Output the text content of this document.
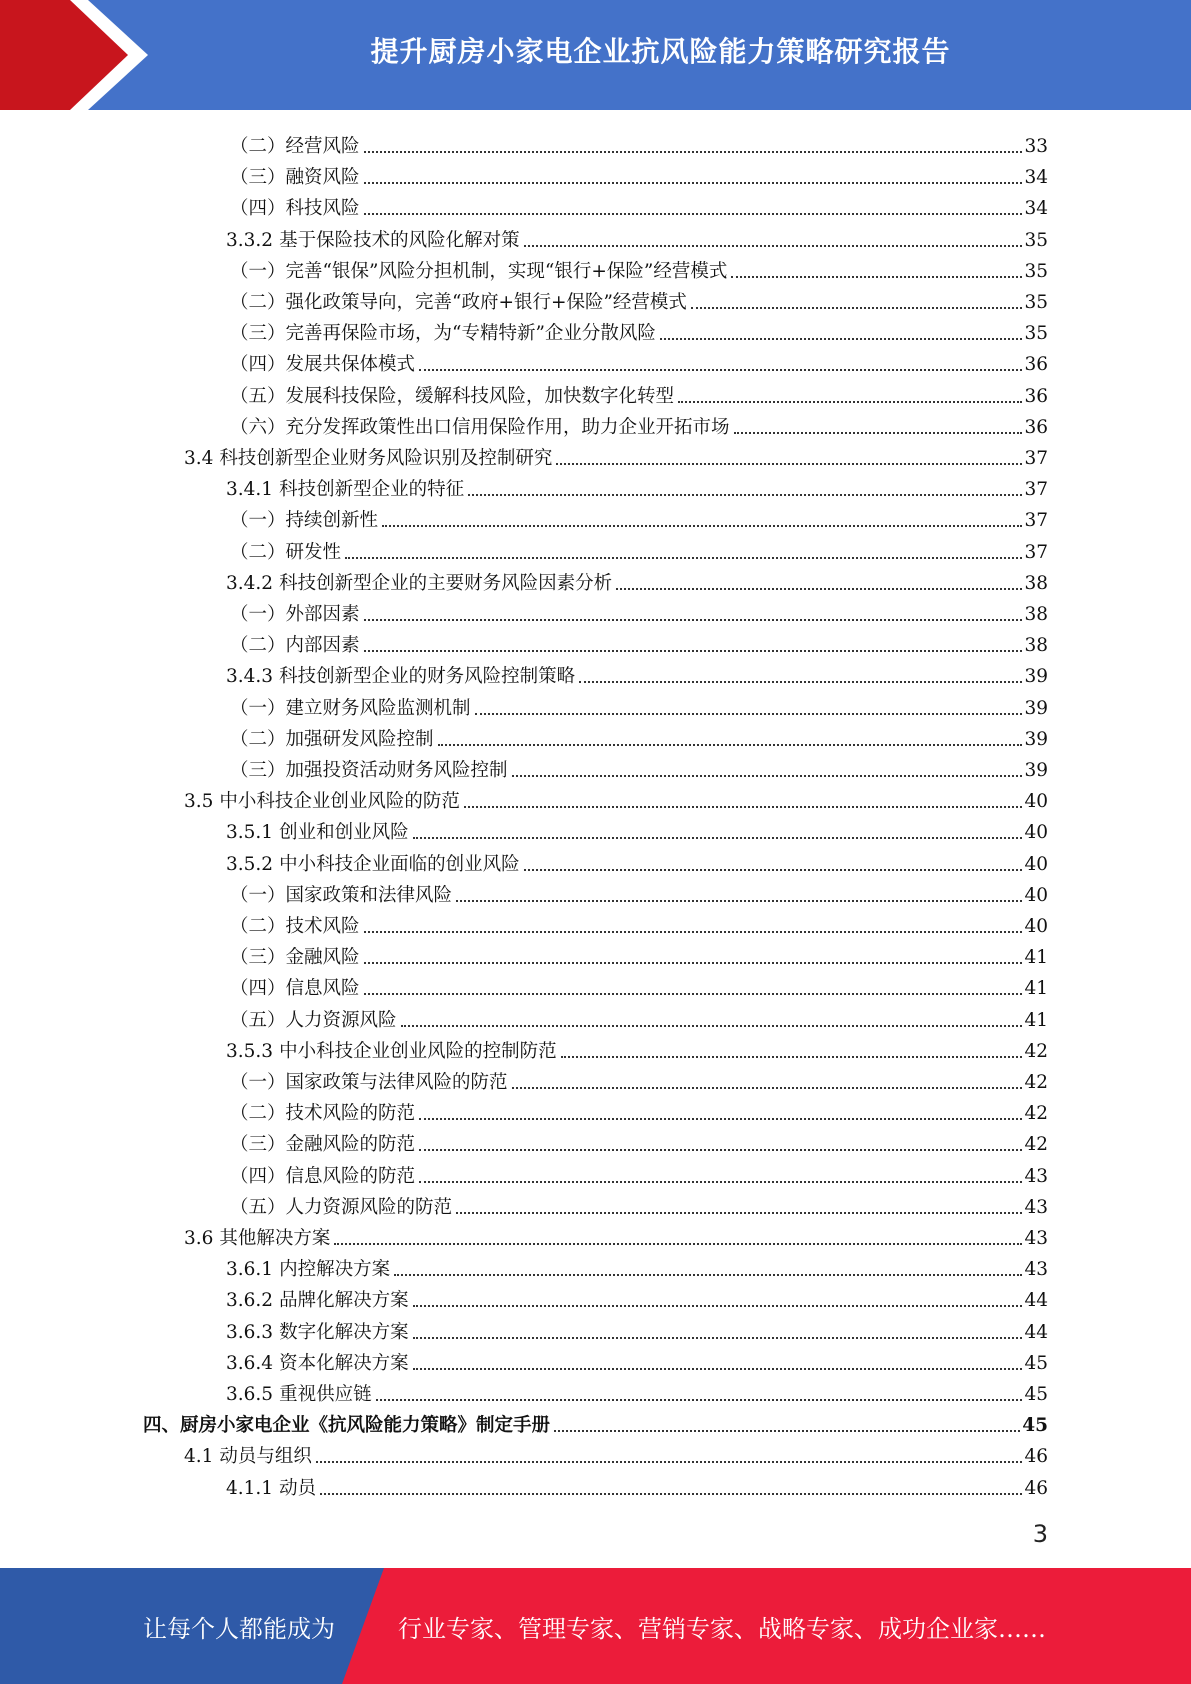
提升厨房小家电企业抗风险能力策略研究报告
（二）经营风险	33
（三）融资风险	34
（四）科技风险	34
3.3.2 基于保险技术的风险化解对策	35
（一）完善“银保”风险分担机制，实现“银行+保险”经营模式	35
（二）强化政策导向，完善“政府+银行+保险”经营模式	35
（三）完善再保险市场，为“专精特新”企业分散风险	35
（四）发展共保体模式	36
（五）发展科技保险，缓解科技风险，加快数字化转型	36
（六）充分发挥政策性出口信用保险作用，助力企业开拓市场	36
3.4 科技创新型企业财务风险识别及控制研究	37
3.4.1 科技创新型企业的特征	37
（一）持续创新性	37
（二）研发性	37
3.4.2 科技创新型企业的主要财务风险因素分析	38
（一）外部因素	38
（二）内部因素	38
3.4.3 科技创新型企业的财务风险控制策略	39
（一）建立财务风险监测机制	39
（二）加强研发风险控制	39
（三）加强投资活动财务风险控制	39
3.5 中小科技企业创业风险的防范	40
3.5.1 创业和创业风险	40
3.5.2 中小科技企业面临的创业风险	40
（一）国家政策和法律风险	40
（二）技术风险	40
（三）金融风险	41
（四）信息风险	41
（五）人力资源风险	41
3.5.3 中小科技企业创业风险的控制防范	42
（一）国家政策与法律风险的防范	42
（二）技术风险的防范	42
（三）金融风险的防范	42
（四）信息风险的防范	43
（五）人力资源风险的防范	43
3.6 其他解决方案	43
3.6.1 内控解决方案	43
3.6.2 品牌化解决方案	44
3.6.3 数字化解决方案	44
3.6.4 资本化解决方案	45
3.6.5 重视供应链	45
四、厨房小家电企业《抗风险能力策略》制定手册	45
4.1 动员与组织	46
4.1.1 动员	46
3
让每个人都能成为	行业专家、管理专家、营销专家、战略专家、成功企业家……
